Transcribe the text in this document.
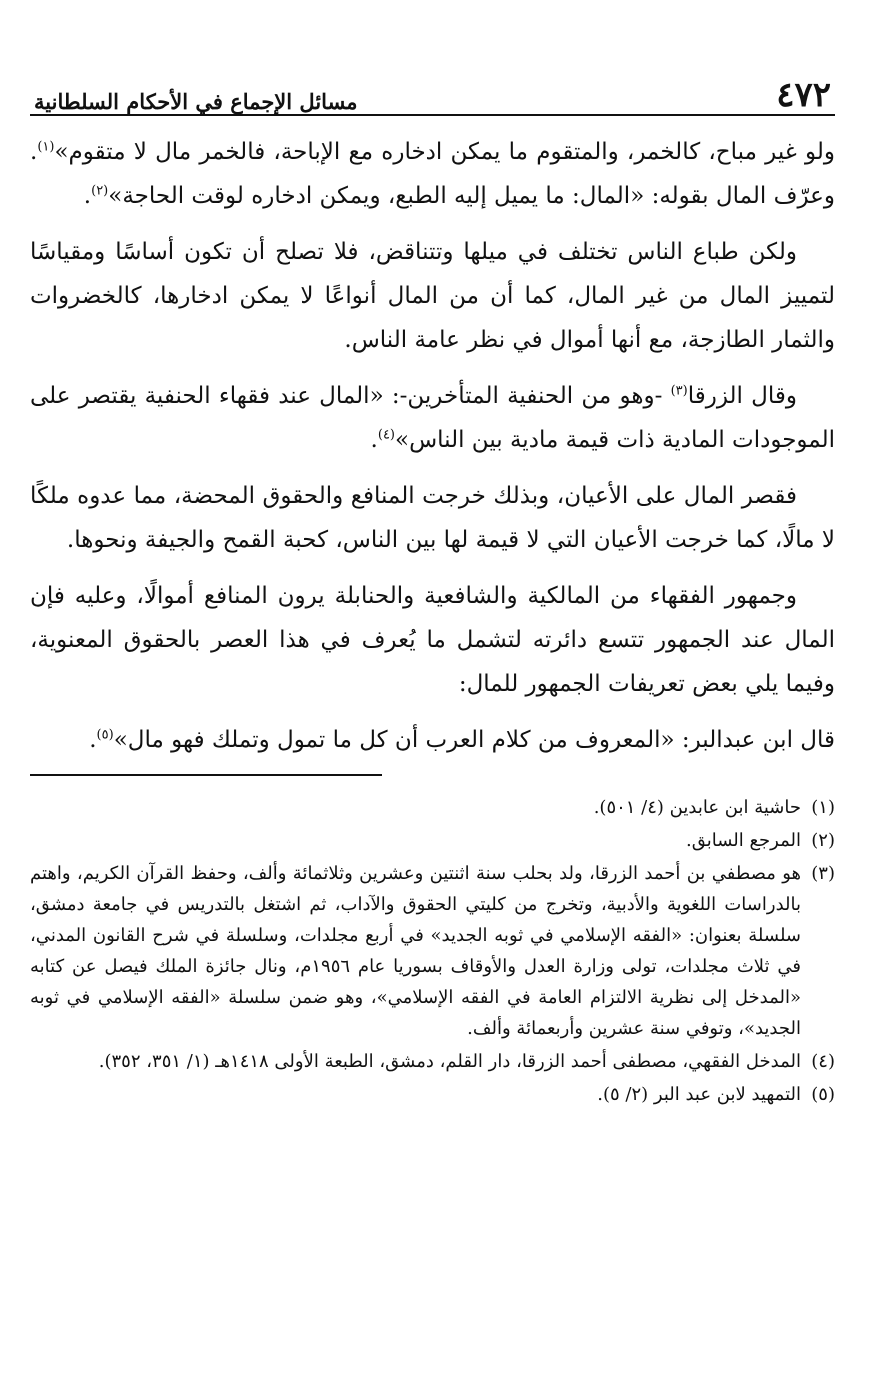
٤٧٢
مسائل الإجماع في الأحكام السلطانية

ولو غير مباح، كالخمر، والمتقوم ما يمكن ادخاره مع الإباحة، فالخمر مال لا متقوم»$^{(١)}$. وعرّف المال بقوله: «المال: ما يميل إليه الطبع، ويمكن ادخاره لوقت الحاجة»$^{(٢)}$.

ولكن طباع الناس تختلف في ميلها وتتناقض، فلا تصلح أن تكون أساسًا ومقياسًا لتمييز المال من غير المال، كما أن من المال أنواعًا لا يمكن ادخارها، كالخضروات والثمار الطازجة، مع أنها أموال في نظر عامة الناس.

وقال الزرقا$^{(٣)}$ -وهو من الحنفية المتأخرين-: «المال عند فقهاء الحنفية يقتصر على الموجودات المادية ذات قيمة مادية بين الناس»$^{(٤)}$.

فقصر المال على الأعيان، وبذلك خرجت المنافع والحقوق المحضة، مما عدوه ملكًا لا مالًا، كما خرجت الأعيان التي لا قيمة لها بين الناس، كحبة القمح والجيفة ونحوها.

وجمهور الفقهاء من المالكية والشافعية والحنابلة يرون المنافع أموالًا، وعليه فإن المال عند الجمهور تتسع دائرته لتشمل ما يُعرف في هذا العصر بالحقوق المعنوية، وفيما يلي بعض تعريفات الجمهور للمال:

قال ابن عبدالبر: «المعروف من كلام العرب أن كل ما تمول وتملك فهو مال»$^{(٥)}$.

(١)
حاشية ابن عابدين (٤/ ٥٠١).
(٢)
المرجع السابق.
(٣)
هو مصطفي بن أحمد الزرقا، ولد بحلب سنة اثنتين وعشرين وثلاثمائة وألف، وحفظ القرآن الكريم، واهتم بالدراسات اللغوية والأدبية، وتخرج من كليتي الحقوق والآداب، ثم اشتغل بالتدريس في جامعة دمشق، سلسلة بعنوان: «الفقه الإسلامي في ثوبه الجديد» في أربع مجلدات، وسلسلة في شرح القانون المدني، في ثلاث مجلدات، تولى وزارة العدل والأوقاف بسوريا عام ١٩٥٦م، ونال جائزة الملك فيصل عن كتابه «المدخل إلى نظرية الالتزام العامة في الفقه الإسلامي»، وهو ضمن سلسلة «الفقه الإسلامي في ثوبه الجديد»، وتوفي سنة عشرين وأربعمائة وألف.
(٤)
المدخل الفقهي، مصطفى أحمد الزرقا، دار القلم، دمشق، الطبعة الأولى ١٤١٨هـ (١/ ٣٥١، ٣٥٢).
(٥)
التمهيد لابن عبد البر (٢/ ٥).
